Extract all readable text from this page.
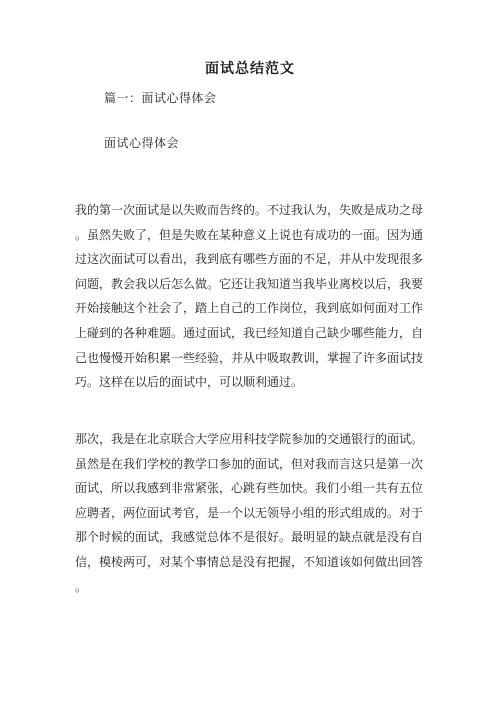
面试总结范文
篇一：面试心得体会
面试心得体会
我的第一次面试是以失败而告终的。不过我认为，失败是成功之母
。虽然失败了，但是失败在某种意义上说也有成功的一面。因为通
过这次面试可以看出，我到底有哪些方面的不足，并从中发现很多
问题，教会我以后怎么做。它还让我知道当我毕业离校以后，我要
开始接触这个社会了，踏上自己的工作岗位，我到底如何面对工作
上碰到的各种难题。通过面试，我已经知道自己缺少哪些能力，自
己也慢慢开始积累一些经验，并从中吸取教训，掌握了许多面试技
巧。这样在以后的面试中，可以顺利通过。
那次，我是在北京联合大学应用科技学院参加的交通银行的面试。
虽然是在我们学校的教学口参加的面试，但对我而言这只是第一次
面试，所以我感到非常紧张，心跳有些加快。我们小组一共有五位
应聘者，两位面试考官，是一个以无领导小组的形式组成的。对于
那个时候的面试，我感觉总体不是很好。最明显的缺点就是没有自
信，模棱两可，对某个事情总是没有把握，不知道该如何做出回答
。
